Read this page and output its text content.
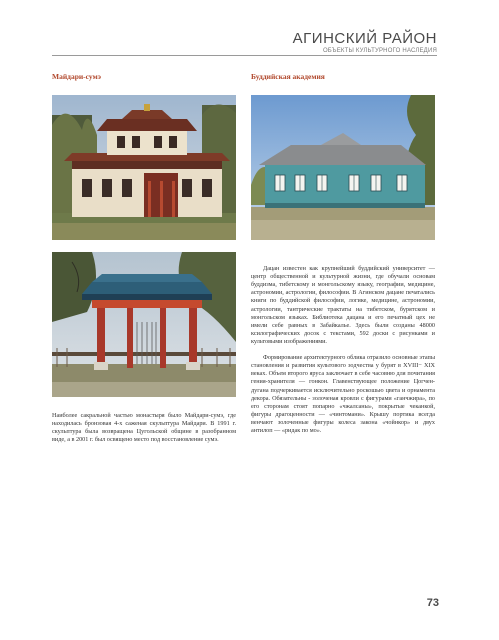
АГИНСКИЙ РАЙОН
ОБЪЕКТЫ КУЛЬТУРНОГО НАСЛЕДИЯ
Майдари-сумэ	Буддийская академия
Наиболее сакральной частью монастыря было Майдари-сумэ, где находилась бронзовая 4-х саженая скульптура Майдари. В 1991 г. скульптура была возвращена Цугольской общине в разобранном виде, а в 2001 г. был освящено место под восстановление сумэ.

Дацан известен как крупнейший буддийский университет — центр общественной и культурной жизни, где обучали основам буддизма, тибетскому и монгольскому языку, географии, медицине, астрономии, астрологии, философии. В Агинском дацане печатались книги по буддийской философии, логике, медицине, астрономии, астрологии, тантрические трактаты на тибетском, бурятском и монгольском языках. Библиотека дацана и его печатный цех не имели себе равных в Забайкалье. Здесь были созданы 48000 ксилографических досок с текстами, 592 доски с рисунками и культовыми изображениями.

Формирование архитектурного облика отразило основные этапы становления и развития культового зодчества у бурят в XVIII− XIX веках. Объем второго яруса заключает в себе часовню для почитания гения-хранителя — гонкон. Главенствующее положение Цогчен-дугана подчеркивается исключительно роскошью цвета и орнамента декора. Обязательны - золоченая кровли с фигурами «ганчжира», по его сторонам стоят попарно «чжалсаны», покрытые чеканкой, фигуры драгоценности — «чинтомани». Крышу портика всегда венчают золоченные фигуры колеса закона «чойнкор» и двух антилоп — «ридак по мо».

73
